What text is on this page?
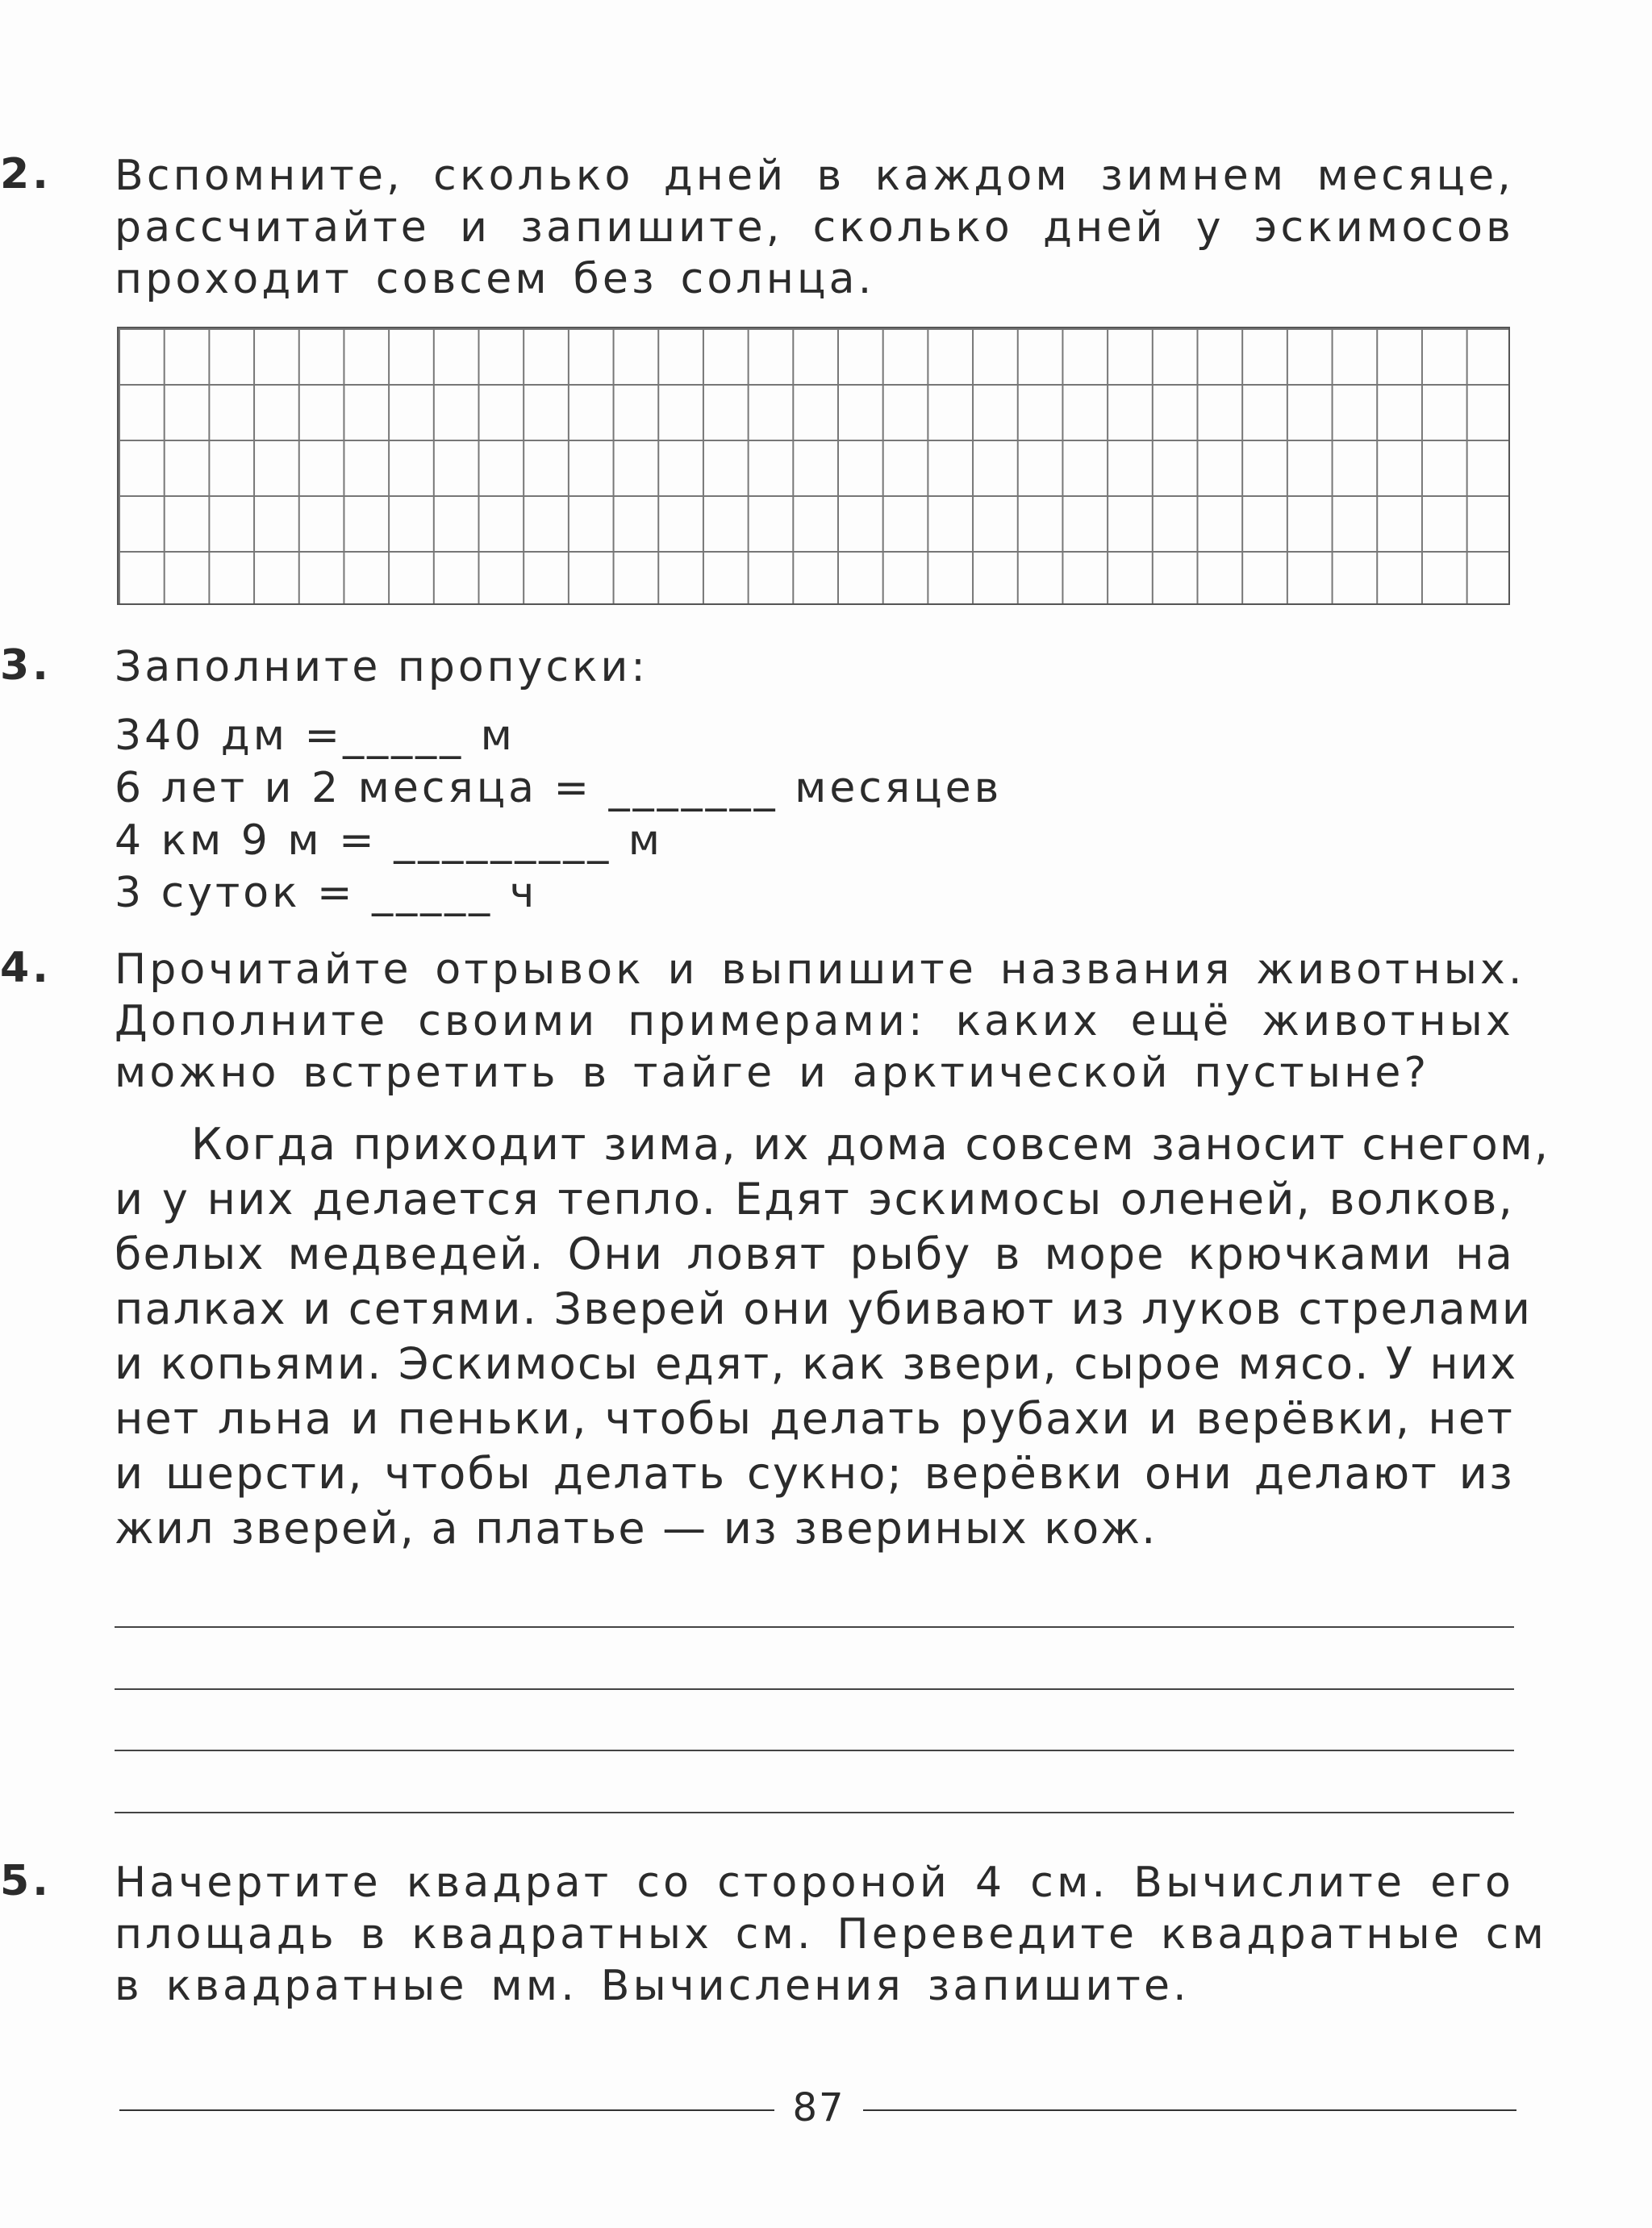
2.	Вспомните, сколько дней в каждом зимнем месяце,
рассчитайте и запишите, сколько дней у эскимосов
проходит совсем без солнца.
3.	Заполните пропуски:
340 дм =_____ м
6 лет и 2 месяца = _______ месяцев
4 км 9 м = _________ м
3 суток = _____ ч
4.	Прочитайте отрывок и выпишите названия животных.
Дополните своими примерами: каких ещё животных
можно встретить в тайге и арктической пустыне?
Когда приходит зима, их дома совсем заносит снегом,
и у них делается тепло. Едят эскимосы оленей, волков,
белых медведей. Они ловят рыбу в море крючками на
палках и сетями. Зверей они убивают из луков стрелами
и копьями. Эскимосы едят, как звери, сырое мясо. У них
нет льна и пеньки, чтобы делать рубахи и верёвки, нет
и шерсти, чтобы делать сукно; верёвки они делают из
жил зверей, а платье — из звериных кож.
5.	Начертите квадрат со стороной 4 см. Вычислите его
площадь в квадратных см. Переведите квадратные см
в квадратные мм. Вычисления запишите.
87
